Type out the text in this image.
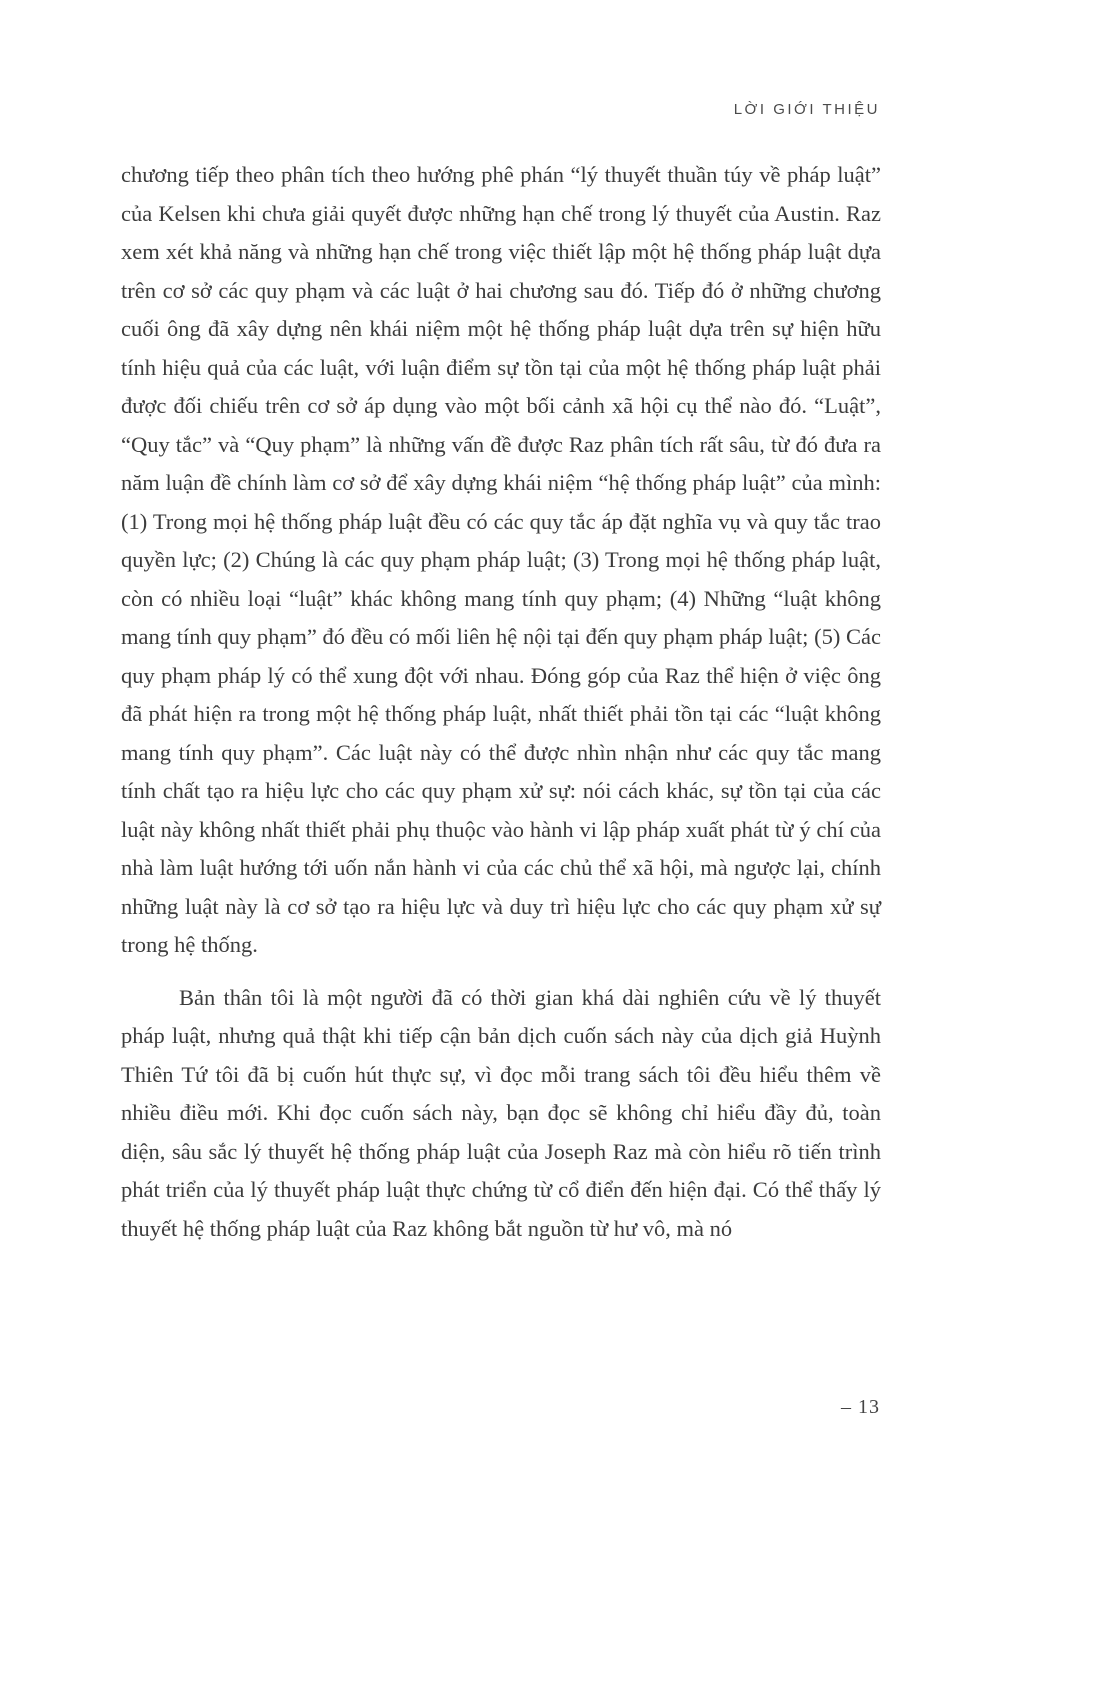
LỜI GIỚI THIỆU

chương tiếp theo phân tích theo hướng phê phán “lý thuyết thuần túy về pháp luật” của Kelsen khi chưa giải quyết được những hạn chế trong lý thuyết của Austin. Raz xem xét khả năng và những hạn chế trong việc thiết lập một hệ thống pháp luật dựa trên cơ sở các quy phạm và các luật ở hai chương sau đó. Tiếp đó ở những chương cuối ông đã xây dựng nên khái niệm một hệ thống pháp luật dựa trên sự hiện hữu tính hiệu quả của các luật, với luận điểm sự tồn tại của một hệ thống pháp luật phải được đối chiếu trên cơ sở áp dụng vào một bối cảnh xã hội cụ thể nào đó. “Luật”, “Quy tắc” và “Quy phạm” là những vấn đề được Raz phân tích rất sâu, từ đó đưa ra năm luận đề chính làm cơ sở để xây dựng khái niệm “hệ thống pháp luật” của mình: (1) Trong mọi hệ thống pháp luật đều có các quy tắc áp đặt nghĩa vụ và quy tắc trao quyền lực; (2) Chúng là các quy phạm pháp luật; (3) Trong mọi hệ thống pháp luật, còn có nhiều loại “luật” khác không mang tính quy phạm; (4) Những “luật không mang tính quy phạm” đó đều có mối liên hệ nội tại đến quy phạm pháp luật; (5) Các quy phạm pháp lý có thể xung đột với nhau. Đóng góp của Raz thể hiện ở việc ông đã phát hiện ra trong một hệ thống pháp luật, nhất thiết phải tồn tại các “luật không mang tính quy phạm”. Các luật này có thể được nhìn nhận như các quy tắc mang tính chất tạo ra hiệu lực cho các quy phạm xử sự: nói cách khác, sự tồn tại của các luật này không nhất thiết phải phụ thuộc vào hành vi lập pháp xuất phát từ ý chí của nhà làm luật hướng tới uốn nắn hành vi của các chủ thể xã hội, mà ngược lại, chính những luật này là cơ sở tạo ra hiệu lực và duy trì hiệu lực cho các quy phạm xử sự trong hệ thống.

Bản thân tôi là một người đã có thời gian khá dài nghiên cứu về lý thuyết pháp luật, nhưng quả thật khi tiếp cận bản dịch cuốn sách này của dịch giả Huỳnh Thiên Tứ tôi đã bị cuốn hút thực sự, vì đọc mỗi trang sách tôi đều hiểu thêm về nhiều điều mới. Khi đọc cuốn sách này, bạn đọc sẽ không chỉ hiểu đầy đủ, toàn diện, sâu sắc lý thuyết hệ thống pháp luật của Joseph Raz mà còn hiểu rõ tiến trình phát triển của lý thuyết pháp luật thực chứng từ cổ điển đến hiện đại. Có thể thấy lý thuyết hệ thống pháp luật của Raz không bắt nguồn từ hư vô, mà nó

– 13
